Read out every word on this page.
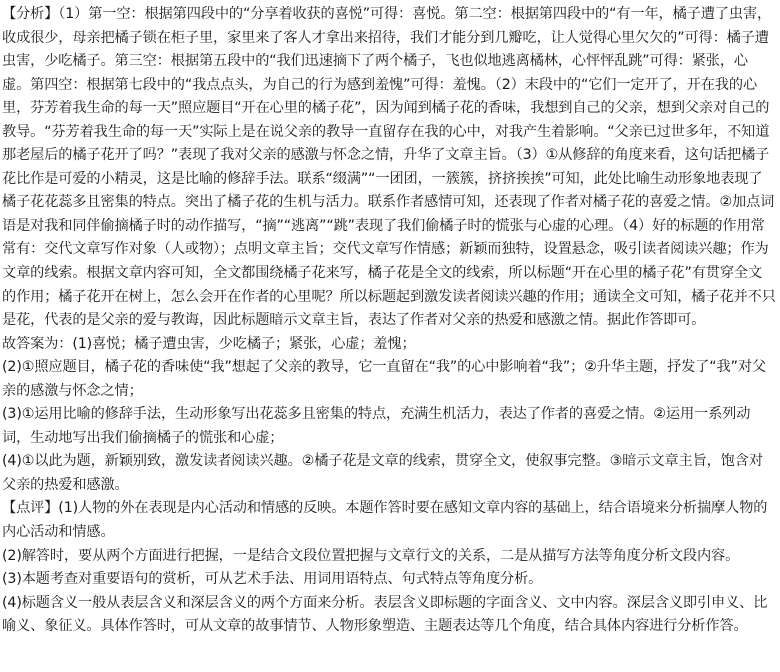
【分析】（1）第一空：根据第四段中的“分享着收获的喜悦”可得：喜悦。第二空：根据第四段中的“有一年，橘子遭了虫害，收成很少，母亲把橘子锁在柜子里，家里来了客人才拿出来招待，我们才能分到几瓣吃，让人觉得心里欠欠的”可得：橘子遭虫害，少吃橘子。第三空：根据第五段中的“我们迅速摘下了两个橘子，飞也似地逃离橘林，心怦怦乱跳”可得：紧张，心虚。第四空：根据第七段中的“我点点头，为自己的行为感到羞愧”可得：羞愧。（2）末段中的“它们一定开了，开在我的心里，芬芳着我生命的每一天”照应题目“开在心里的橘子花”，因为闻到橘子花的香味，我想到自己的父亲，想到父亲对自己的教导。“芬芳着我生命的每一天”实际上是在说父亲的教导一直留存在我的心中，对我产生着影响。“父亲已过世多年，不知道那老屋后的橘子花开了吗？”表现了我对父亲的感激与怀念之情，升华了文章主旨。（3）①从修辞的角度来看，这句话把橘子花比作是可爱的小精灵，这是比喻的修辞手法。联系“缀满”“一团团，一簇簇，挤挤挨挨”可知，此处比喻生动形象地表现了橘子花花蕊多且密集的特点。突出了橘子花的生机与活力。联系作者感情可知，还表现了作者对橘子花的喜爱之情。②加点词语是对我和同伴偷摘橘子时的动作描写，“摘”“逃离”“跳”表现了我们偷橘子时的慌张与心虚的心理。（4）好的标题的作用常常有：交代文章写作对象（人或物）；点明文章主旨；交代文章写作情感；新颖而独特，设置悬念，吸引读者阅读兴趣；作为文章的线索。根据文章内容可知，全文都围绕橘子花来写，橘子花是全文的线索，所以标题“开在心里的橘子花”有贯穿全文的作用；橘子花开在树上，怎么会开在作者的心里呢？所以标题起到激发读者阅读兴趣的作用；通读全文可知，橘子花并不只是花，代表的是父亲的爱与教诲，因此标题暗示文章主旨，表达了作者对父亲的热爱和感激之情。据此作答即可。

故答案为：(1)喜悦；橘子遭虫害，少吃橘子；紧张，心虚；羞愧；

(2)①照应题目，橘子花的香味使“我”想起了父亲的教导，它一直留在“我”的心中影响着“我”；②升华主题，抒发了“我”对父亲的感激与怀念之情；

(3)①运用比喻的修辞手法，生动形象写出花蕊多且密集的特点，充满生机活力，表达了作者的喜爱之情。②运用一系列动词，生动地写出我们偷摘橘子的慌张和心虚；

(4)①以此为题，新颖别致，激发读者阅读兴趣。②橘子花是文章的线索，贯穿全文，使叙事完整。③暗示文章主旨，饱含对父亲的热爱和感激。

【点评】(1)人物的外在表现是内心活动和情感的反映。本题作答时要在感知文章内容的基础上，结合语境来分析揣摩人物的内心活动和情感。

(2)解答时，要从两个方面进行把握，一是结合文段位置把握与文章行文的关系，二是从描写方法等角度分析文段内容。

(3)本题考查对重要语句的赏析，可从艺术手法、用词用语特点、句式特点等角度分析。

(4)标题含义一般从表层含义和深层含义的两个方面来分析。表层含义即标题的字面含义、文中内容。深层含义即引申义、比喻义、象征义。具体作答时，可从文章的故事情节、人物形象塑造、主题表达等几个角度，结合具体内容进行分析作答。
